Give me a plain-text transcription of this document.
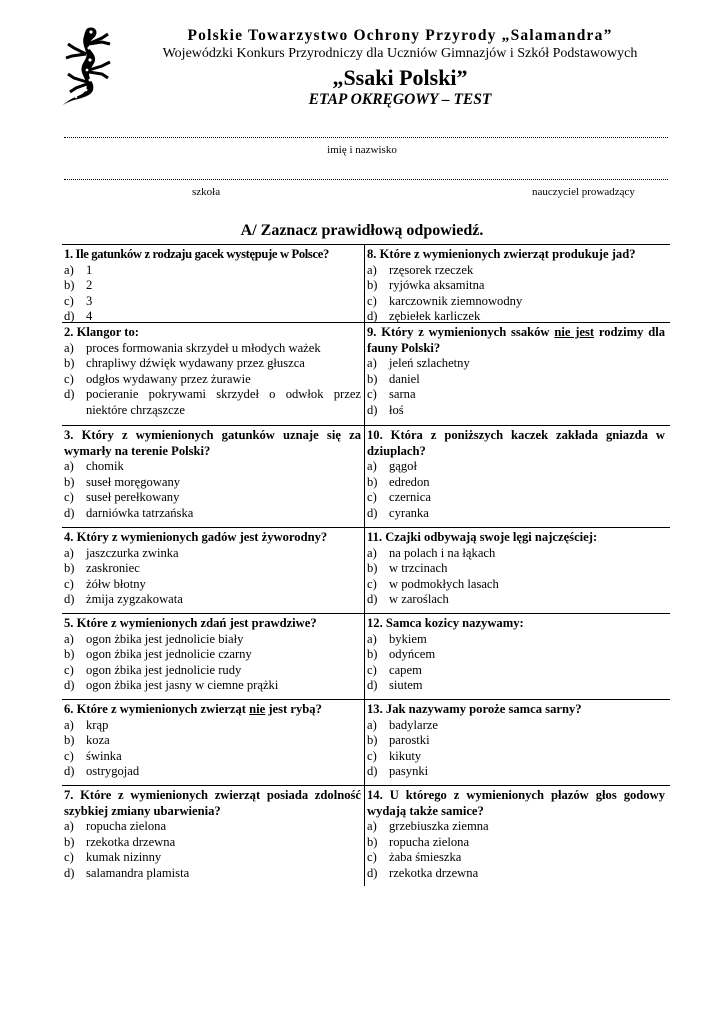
Polskie Towarzystwo Ochrony Przyrody „Salamandra”
Wojewódzki Konkurs Przyrodniczy dla Uczniów Gimnazjów i Szkół Podstawowych
„Ssaki Polski”
ETAP OKRĘGOWY – TEST
imię i nazwisko
szkoła	nauczyciel prowadzący
A/ Zaznacz prawidłową odpowiedź.
1. Ile gatunków z rodzaju gacek występuje w Polsce?
a) 1
b) 2
c) 3
d) 4
8. Które z wymienionych zwierząt produkuje jad?
a) rzęsorek rzeczek
b) ryjówka aksamitna
c) karczownik ziemnowodny
d) zębiełek karliczek
2. Klangor to:
a) proces formowania skrzydeł u młodych ważek
b) chrapliwy dźwięk wydawany przez głuszca
c) odgłos wydawany przez żurawie
d) pocieranie pokrywami skrzydeł o odwłok przez niektóre chrząszcze
9. Który z wymienionych ssaków nie jest rodzimy dla fauny Polski?
a) jeleń szlachetny
b) daniel
c) sarna
d) łoś
3. Który z wymienionych gatunków uznaje się za wymarły na terenie Polski?
a) chomik
b) suseł moręgowany
c) suseł perełkowany
d) darniówka tatrzańska
10. Która z poniższych kaczek zakłada gniazda w dziuplach?
a) gągoł
b) edredon
c) czernica
d) cyranka
4. Który z wymienionych gadów jest żyworodny?
a) jaszczurka zwinka
b) zaskroniec
c) żółw błotny
d) żmija zygzakowata
11. Czajki odbywają swoje lęgi najczęściej:
a) na polach i na łąkach
b) w trzcinach
c) w podmokłych lasach
d) w zaroślach
5. Które z wymienionych zdań jest prawdziwe?
a) ogon żbika jest jednolicie biały
b) ogon żbika jest jednolicie czarny
c) ogon żbika jest jednolicie rudy
d) ogon żbika jest jasny w ciemne prążki
12. Samca kozicy nazywamy:
a) bykiem
b) odyńcem
c) capem
d) siutem
6. Które z wymienionych zwierząt nie jest rybą?
a) krąp
b) koza
c) świnka
d) ostrygojad
13. Jak nazywamy poroże samca sarny?
a) badylarze
b) parostki
c) kikuty
d) pasynki
7. Które z wymienionych zwierząt posiada zdolność szybkiej zmiany ubarwienia?
a) ropucha zielona
b) rzekotka drzewna
c) kumak nizinny
d) salamandra plamista
14. U którego z wymienionych płazów głos godowy wydają także samice?
a) grzebiuszka ziemna
b) ropucha zielona
c) żaba śmieszka
d) rzekotka drzewna
